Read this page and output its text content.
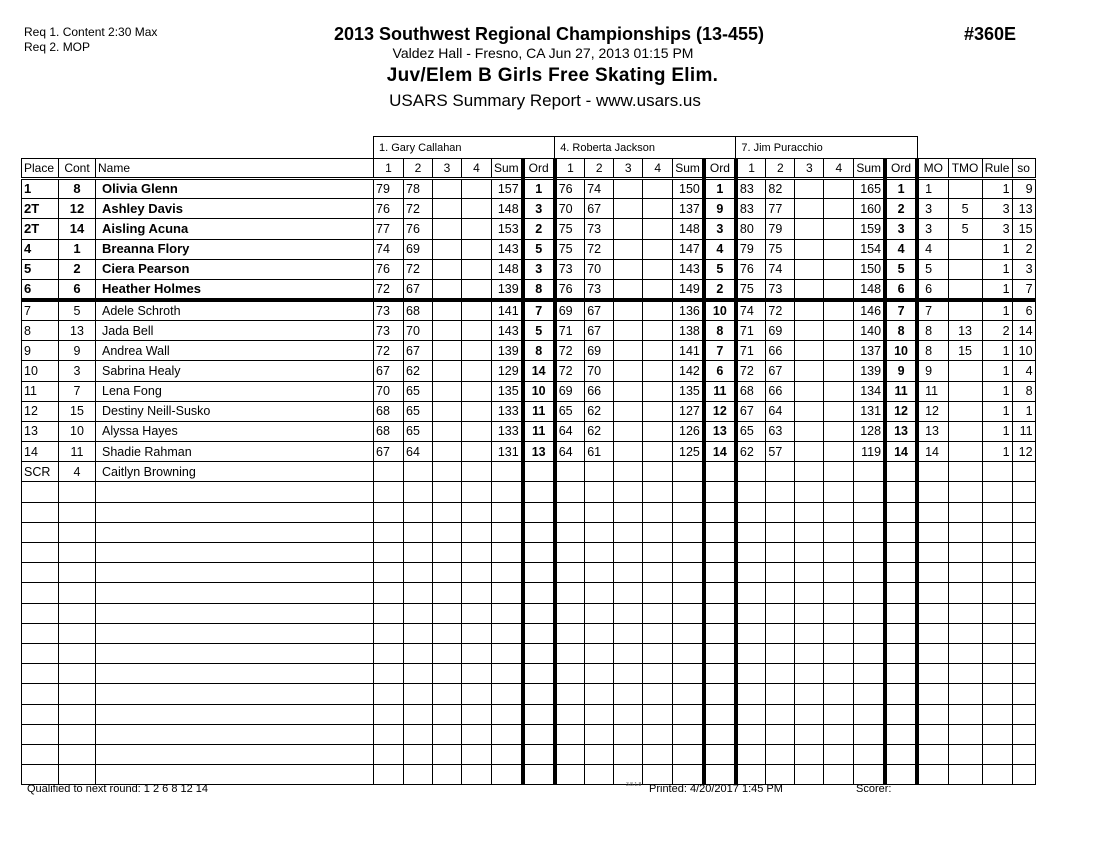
Req 1. Content 2:30 Max
Req 2. MOP
2013 Southwest Regional Championships (13-455)
Valdez Hall - Fresno, CA Jun 27, 2013 01:15 PM
Juv/Elem B Girls Free Skating Elim.
USARS Summary Report - www.usars.us
#360E
			1. Gary Callahan						4. Roberta Jackson						7. Jim Puracchio									
Place	Cont	Name	1	2	3	4	Sum	Ord	1	2	3	4	Sum	Ord	1	2	3	4	Sum	Ord	MO	TMO	Rule	so
1	8	Olivia Glenn	79	78			157	1	76	74			150	1	83	82			165	1	1		1	9
2T	12	Ashley Davis	76	72			148	3	70	67			137	9	83	77			160	2	3	5	3	13
2T	14	Aisling Acuna	77	76			153	2	75	73			148	3	80	79			159	3	3	5	3	15
4	1	Breanna Flory	74	69			143	5	75	72			147	4	79	75			154	4	4		1	2
5	2	Ciera Pearson	76	72			148	3	73	70			143	5	76	74			150	5	5		1	3
6	6	Heather Holmes	72	67			139	8	76	73			149	2	75	73			148	6	6		1	7
7	5	Adele Schroth	73	68			141	7	69	67			136	10	74	72			146	7	7		1	6
8	13	Jada Bell	73	70			143	5	71	67			138	8	71	69			140	8	8	13	2	14
9	9	Andrea Wall	72	67			139	8	72	69			141	7	71	66			137	10	8	15	1	10
10	3	Sabrina Healy	67	62			129	14	72	70			142	6	72	67			139	9	9		1	4
11	7	Lena Fong	70	65			135	10	69	66			135	11	68	66			134	11	11		1	8
12	15	Destiny Neill-Susko	68	65			133	11	65	62			127	12	67	64			131	12	12		1	1
13	10	Alyssa Hayes	68	65			133	11	64	62			126	13	65	63			128	13	13		1	11
14	11	Shadie Rahman	67	64			131	13	64	61			125	14	62	57			119	14	14		1	12
SCR	4	Caitlyn Browning																						

Qualified to next round: 1 2 6 8 12 14	3.8.1.8 Printed: 4/20/2017 1:45 PM	Scorer:
